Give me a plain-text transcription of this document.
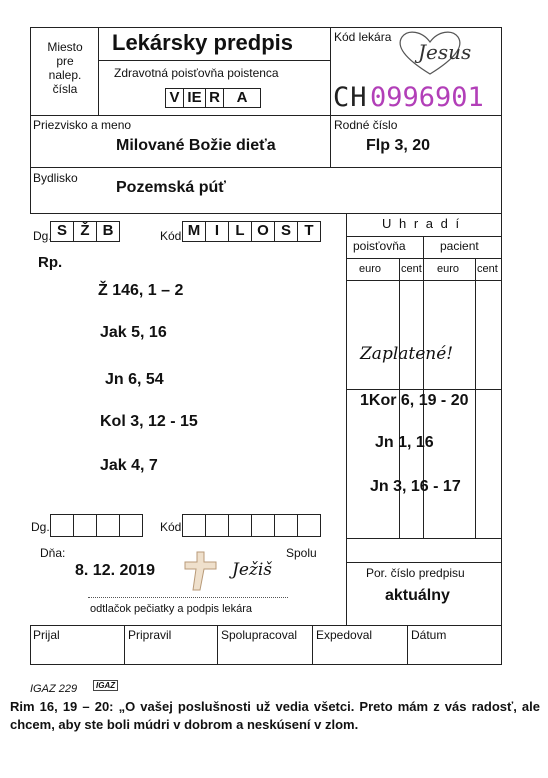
Miesto
pre
nalep.
čísla
Lekársky predpis
Zdravotná poisťovňa poistenca
V IE R	A
Kód lekára
Jesus
CH 0996901
Priezvisko a meno
Milované Božie dieťa
Rodné číslo
Flp 3, 20
Bydlisko
Pozemská púť
U h r a d í
poisťovňa	pacient
euro cent euro cent
Zaplatené!
1Kor 6, 19 - 20
Jn 1, 16
Jn 3, 16 - 17
Dg. S Ž B	Kód M I	L O S T
Rp.
Ž 146, 1 – 2
Jak 5, 16
Jn 6, 54
Kol 3, 12 - 15
Jak 4, 7
Dg.	Kód
Dňa:	Spolu
8. 12. 2019	Ježiš
odtlačok pečiatky a podpis lekára
Por. číslo predpisu
aktuálny
Prijal	Pripravil	Spolupracoval Expedoval	Dátum
IGAZ 229	IGAZ
Rim 16, 19 – 20: „O vašej poslušnosti už vedia všetci. Preto mám z vás radosť, ale chcem, aby ste boli múdri v dobrom a neskúsení v zlom.
